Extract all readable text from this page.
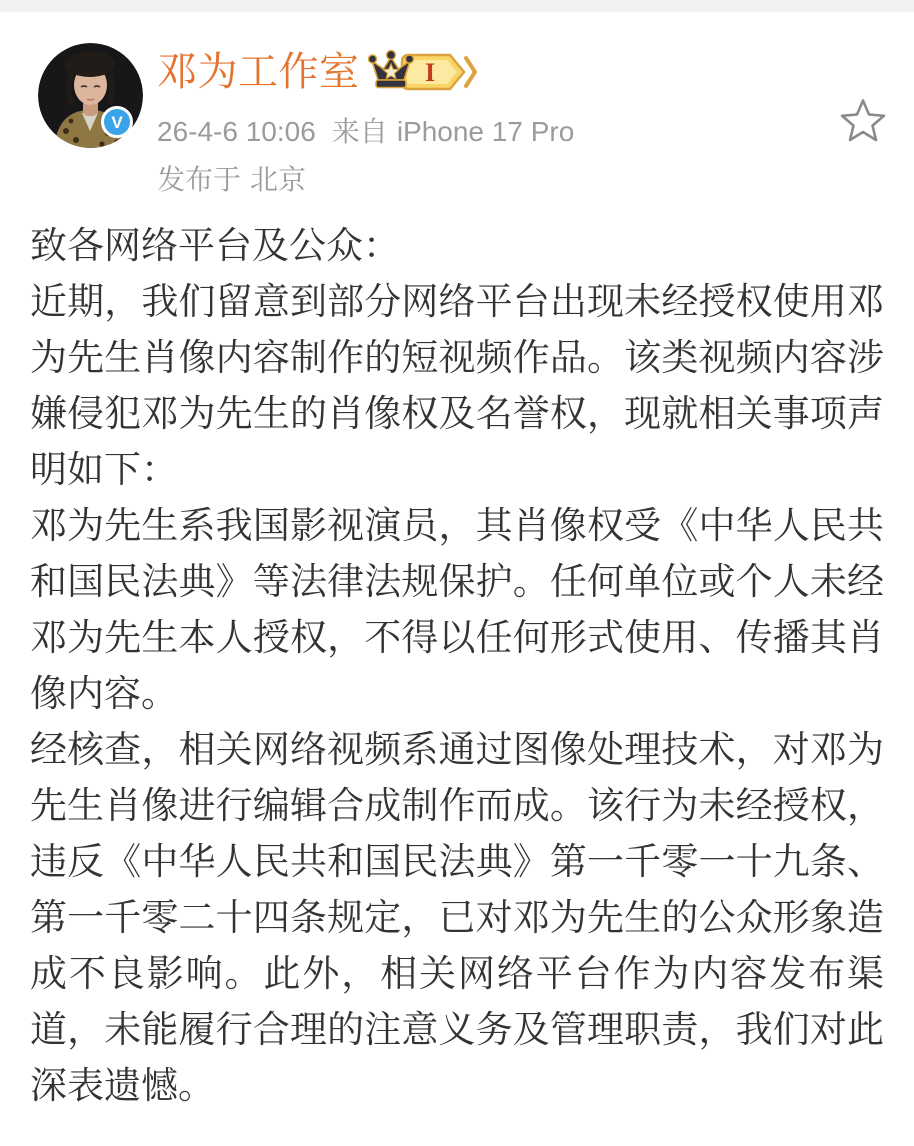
V
邓为工作室 I
26-4-6 10:06 来自 iPhone 17 Pro
发布于 北京

致各网络平台及公众：

近期，我们留意到部分网络平台出现未经授权使用邓为先生肖像内容制作的短视频作品。该类视频内容涉嫌侵犯邓为先生的肖像权及名誉权，现就相关事项声明如下：

邓为先生系我国影视演员，其肖像权受《中华人民共和国民法典》等法律法规保护。任何单位或个人未经邓为先生本人授权，不得以任何形式使用、传播其肖像内容。

经核查，相关网络视频系通过图像处理技术，对邓为先生肖像进行编辑合成制作而成。该行为未经授权，违反《中华人民共和国民法典》第一千零一十九条、第一千零二十四条规定，已对邓为先生的公众形象造成不良影响。此外，相关网络平台作为内容发布渠道，未能履行合理的注意义务及管理职责，我们对此深表遗憾。
